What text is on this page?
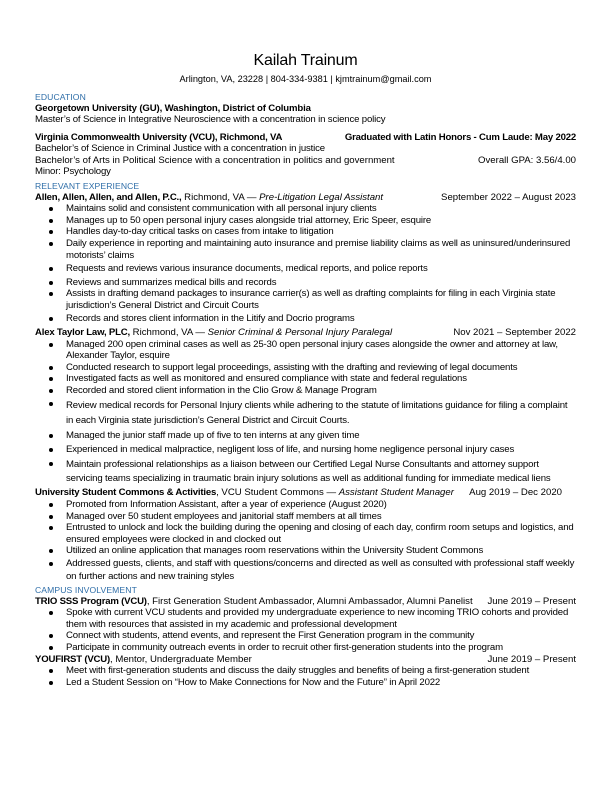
Kailah Trainum
Arlington, VA, 23228 | 804-334-9381 | kjmtrainum@gmail.com
EDUCATION
Georgetown University (GU), Washington, District of Columbia
Master’s of Science in Integrative Neuroscience with a concentration in science policy
Virginia Commonwealth University (VCU), Richmond, VA	Graduated with Latin Honors - Cum Laude: May 2022
Bachelor’s of Science in Criminal Justice with a concentration in justice
Bachelor’s of Arts in Political Science with a concentration in politics and government	Overall GPA: 3.56/4.00
Minor: Psychology
RELEVANT EXPERIENCE
Allen, Allen, Allen, and Allen, P.C., Richmond, VA — Pre-Litigation Legal Assistant	September 2022 – August 2023
Maintains solid and consistent communication with all personal injury clients
Manages up to 50 open personal injury cases alongside trial attorney, Eric Speer, esquire
Handles day-to-day critical tasks on cases from intake to litigation
Daily experience in reporting and maintaining auto insurance and premise liability claims as well as uninsured/underinsured motorists’ claims
Requests and reviews various insurance documents, medical reports, and police reports
Reviews and summarizes medical bills and records
Assists in drafting demand packages to insurance carrier(s) as well as drafting complaints for filing in each Virginia state jurisdiction’s General District and Circuit Courts
Records and stores client information in the Litify and Docrio programs
Alex Taylor Law, PLC, Richmond, VA — Senior Criminal & Personal Injury Paralegal	Nov 2021 – September 2022
Managed 200 open criminal cases as well as 25-30 open personal injury cases alongside the owner and attorney at law, Alexander Taylor, esquire
Conducted research to support legal proceedings, assisting with the drafting and reviewing of legal documents
Investigated facts as well as monitored and ensured compliance with state and federal regulations
Recorded and stored client information in the Clio Grow & Manage Program
Review medical records for Personal Injury clients while adhering to the statute of limitations guidance for filing a complaint in each Virginia state jurisdiction’s General District and Circuit Courts.
Managed the junior staff made up of five to ten interns at any given time
Experienced in medical malpractice, negligent loss of life, and nursing home negligence personal injury cases
Maintain professional relationships as a liaison between our Certified Legal Nurse Consultants and attorney support servicing teams specializing in traumatic brain injury solutions as well as additional funding for immediate medical liens
University Student Commons & Activities, VCU Student Commons — Assistant Student Manager Aug 2019 – Dec 2020
Promoted from Information Assistant, after a year of experience (August 2020)
Managed over 50 student employees and janitorial staff members at all times
Entrusted to unlock and lock the building during the opening and closing of each day, confirm room setups and logistics, and ensured employees were clocked in and clocked out
Utilized an online application that manages room reservations within the University Student Commons
Addressed guests, clients, and staff with questions/concerns and directed as well as consulted with professional staff weekly on further actions and new training styles
CAMPUS INVOLVEMENT
TRIO SSS Program (VCU), First Generation Student Ambassador, Alumni Ambassador, Alumni Panelist June 2019 – Present
Spoke with current VCU students and provided my undergraduate experience to new incoming TRIO cohorts and provided them with resources that assisted in my academic and professional development
Connect with students, attend events, and represent the First Generation program in the community
Participate in community outreach events in order to recruit other first-generation students into the program
YOUFIRST (VCU), Mentor, Undergraduate Member	June 2019 – Present
Meet with first-generation students and discuss the daily struggles and benefits of being a first-generation student
Led a Student Session on “How to Make Connections for Now and the Future” in April 2022
